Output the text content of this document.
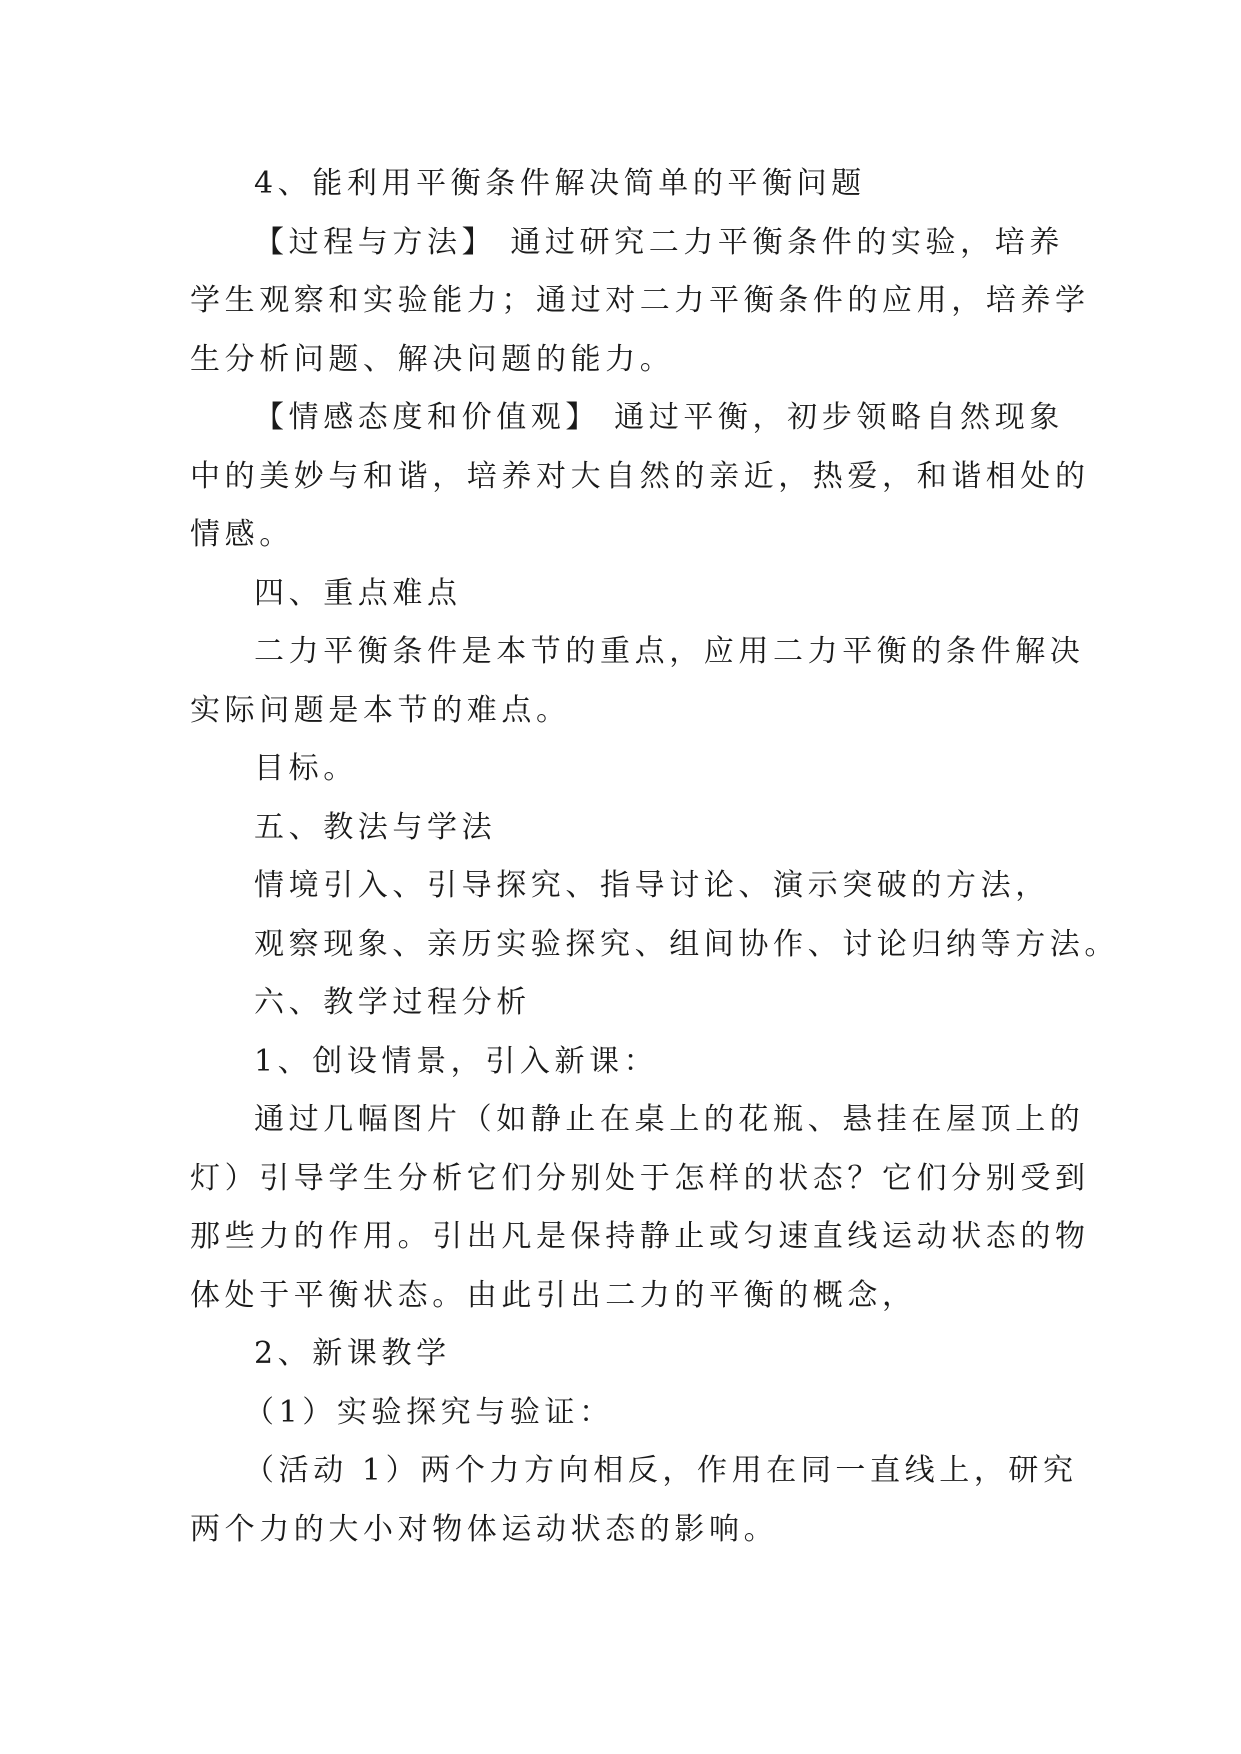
4、能利用平衡条件解决简单的平衡问题
【过程与方法】 通过研究二力平衡条件的实验，培养
学生观察和实验能力；通过对二力平衡条件的应用，培养学
生分析问题、解决问题的能力。
【情感态度和价值观】 通过平衡，初步领略自然现象
中的美妙与和谐，培养对大自然的亲近，热爱，和谐相处的
情感。
四、重点难点
二力平衡条件是本节的重点，应用二力平衡的条件解决
实际问题是本节的难点。
目标。
五、教法与学法
情境引入、引导探究、指导讨论、演示突破的方法，
观察现象、亲历实验探究、组间协作、讨论归纳等方法。
六、教学过程分析
1、创设情景，引入新课：
通过几幅图片（如静止在桌上的花瓶、悬挂在屋顶上的
灯）引导学生分析它们分别处于怎样的状态？它们分别受到
那些力的作用。引出凡是保持静止或匀速直线运动状态的物
体处于平衡状态。由此引出二力的平衡的概念，
2、新课教学
（1）实验探究与验证：
（活动 1）两个力方向相反，作用在同一直线上，研究
两个力的大小对物体运动状态的影响。
